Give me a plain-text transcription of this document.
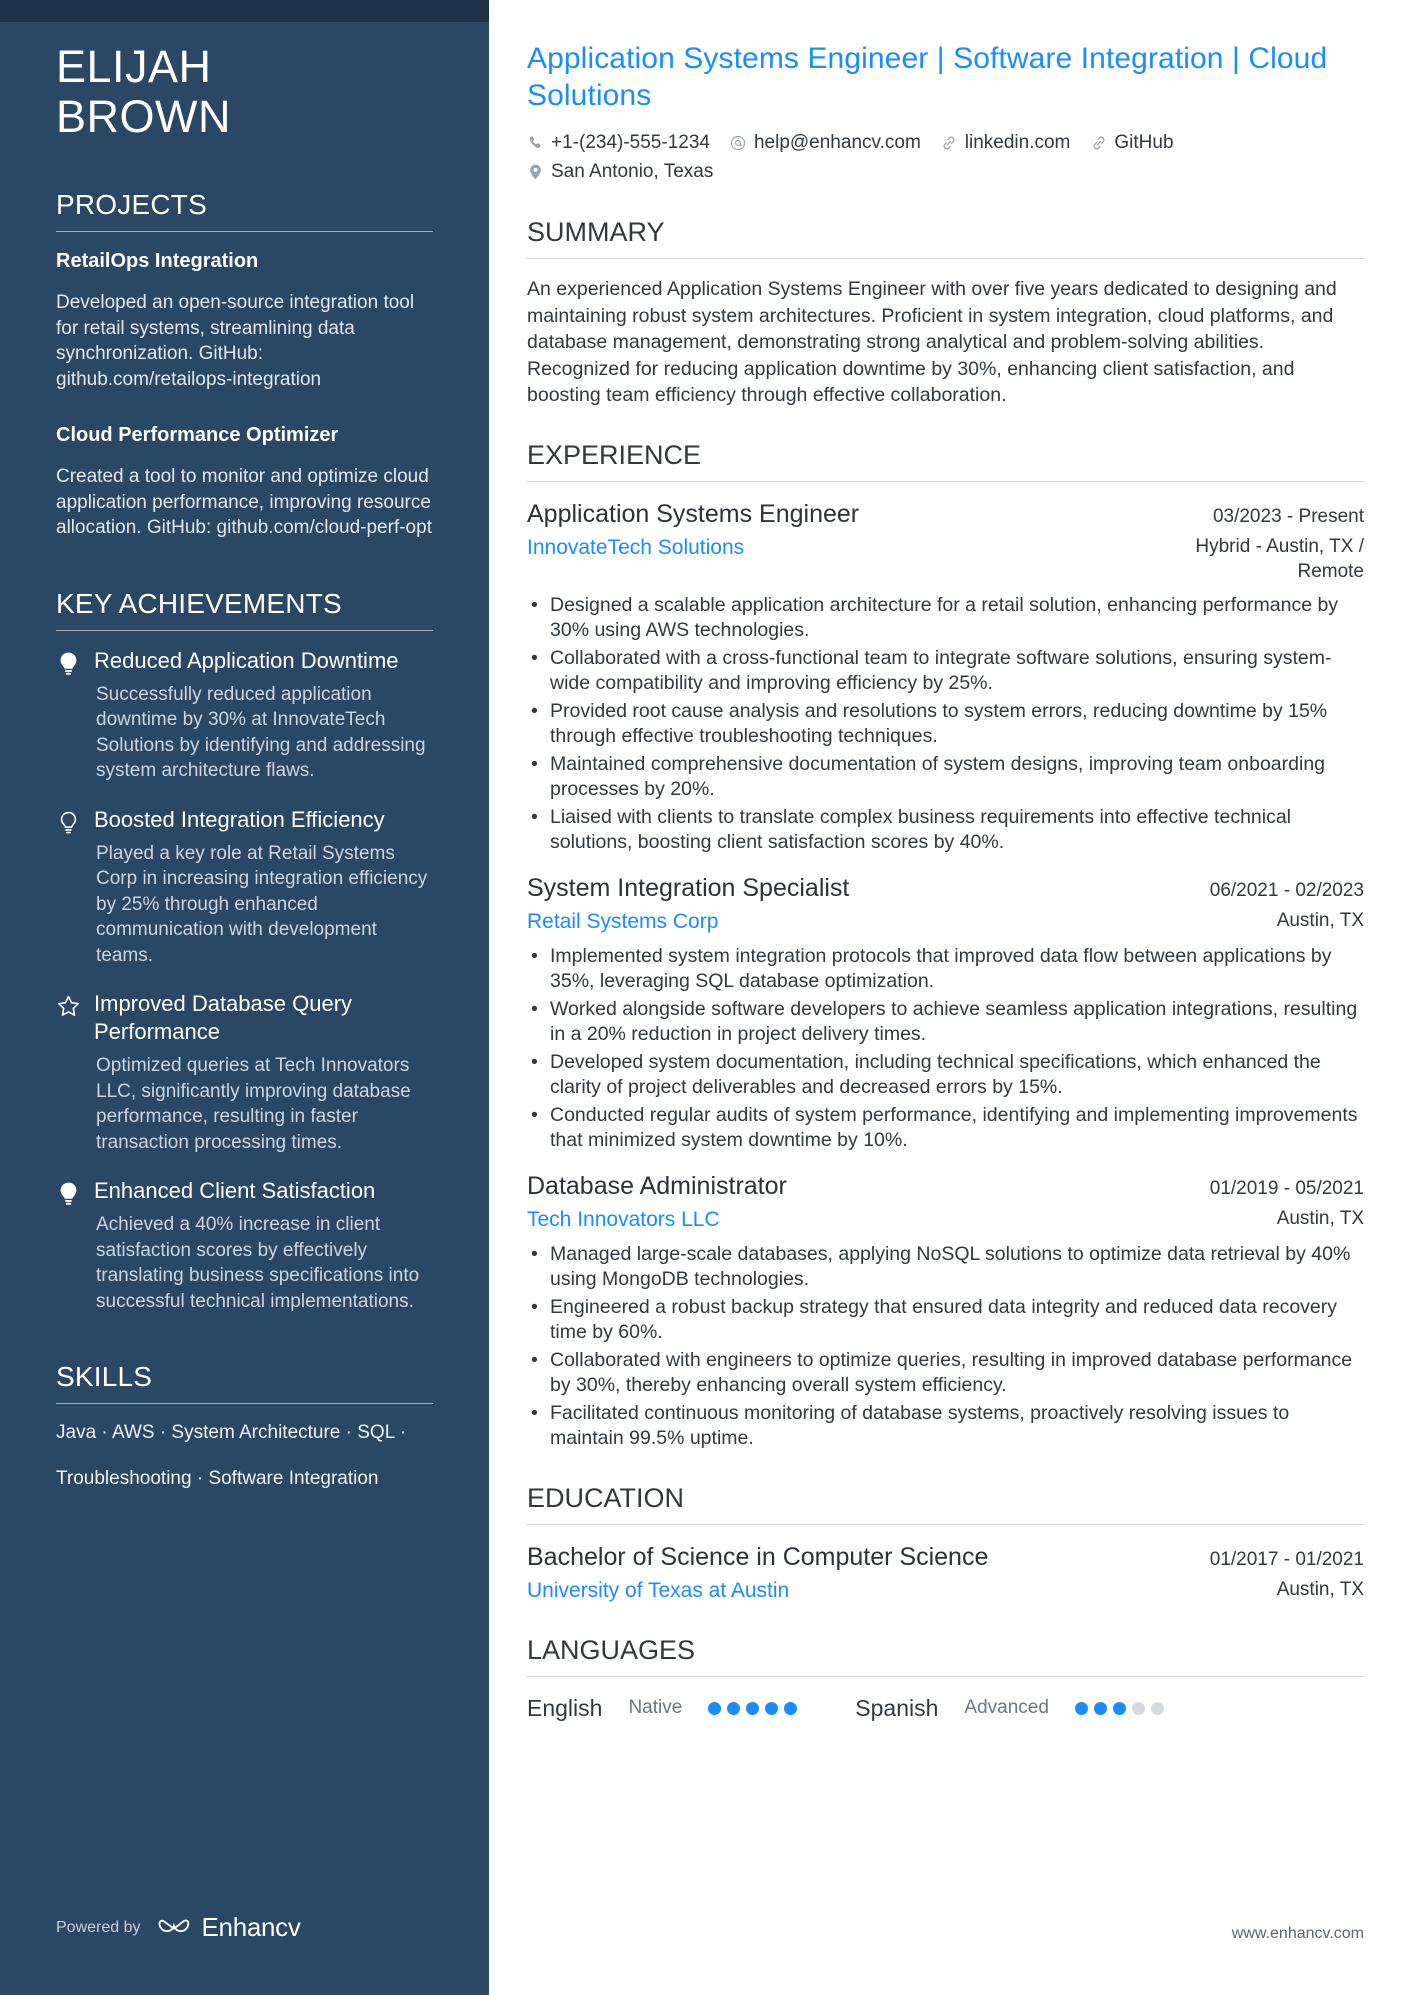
ELIJAH
BROWN
PROJECTS
RetailOps Integration
Developed an open-source integration tool for retail systems, streamlining data synchronization. GitHub: github.com/retailops-integration
Cloud Performance Optimizer
Created a tool to monitor and optimize cloud application performance, improving resource allocation. GitHub: github.com/cloud-perf-opt
KEY ACHIEVEMENTS
Reduced Application Downtime
Successfully reduced application downtime by 30% at InnovateTech Solutions by identifying and addressing system architecture flaws.
Boosted Integration Efficiency
Played a key role at Retail Systems Corp in increasing integration efficiency by 25% through enhanced communication with development teams.
Improved Database Query Performance
Optimized queries at Tech Innovators LLC, significantly improving database performance, resulting in faster transaction processing times.
Enhanced Client Satisfaction
Achieved a 40% increase in client satisfaction scores by effectively translating business specifications into successful technical implementations.
SKILLS
Java · AWS · System Architecture · SQL ·
Troubleshooting · Software Integration
Powered by Enhancv
Application Systems Engineer | Software Integration | Cloud Solutions
+1-(234)-555-1234 help@enhancv.com linkedin.com GitHub
San Antonio, Texas
SUMMARY

An experienced Application Systems Engineer with over five years dedicated to designing and maintaining robust system architectures. Proficient in system integration, cloud platforms, and database management, demonstrating strong analytical and problem-solving abilities. Recognized for reducing application downtime by 30%, enhancing client satisfaction, and boosting team efficiency through effective collaboration.

EXPERIENCE
Application Systems Engineer	03/2023 - Present
InnovateTech Solutions	Hybrid - Austin, TX / Remote
• Designed a scalable application architecture for a retail solution, enhancing performance by 30% using AWS technologies.
• Collaborated with a cross-functional team to integrate software solutions, ensuring system-wide compatibility and improving efficiency by 25%.
• Provided root cause analysis and resolutions to system errors, reducing downtime by 15% through effective troubleshooting techniques.
• Maintained comprehensive documentation of system designs, improving team onboarding processes by 20%.
• Liaised with clients to translate complex business requirements into effective technical solutions, boosting client satisfaction scores by 40%.
System Integration Specialist	06/2021 - 02/2023
Retail Systems Corp	Austin, TX
• Implemented system integration protocols that improved data flow between applications by 35%, leveraging SQL database optimization.
• Worked alongside software developers to achieve seamless application integrations, resulting in a 20% reduction in project delivery times.
• Developed system documentation, including technical specifications, which enhanced the clarity of project deliverables and decreased errors by 15%.
• Conducted regular audits of system performance, identifying and implementing improvements that minimized system downtime by 10%.
Database Administrator	01/2019 - 05/2021
Tech Innovators LLC	Austin, TX
• Managed large-scale databases, applying NoSQL solutions to optimize data retrieval by 40% using MongoDB technologies.
• Engineered a robust backup strategy that ensured data integrity and reduced data recovery time by 60%.
• Collaborated with engineers to optimize queries, resulting in improved database performance by 30%, thereby enhancing overall system efficiency.
• Facilitated continuous monitoring of database systems, proactively resolving issues to maintain 99.5% uptime.
EDUCATION
Bachelor of Science in Computer Science	01/2017 - 01/2021
University of Texas at Austin	Austin, TX
LANGUAGES
English Native	Spanish Advanced
www.enhancv.com
